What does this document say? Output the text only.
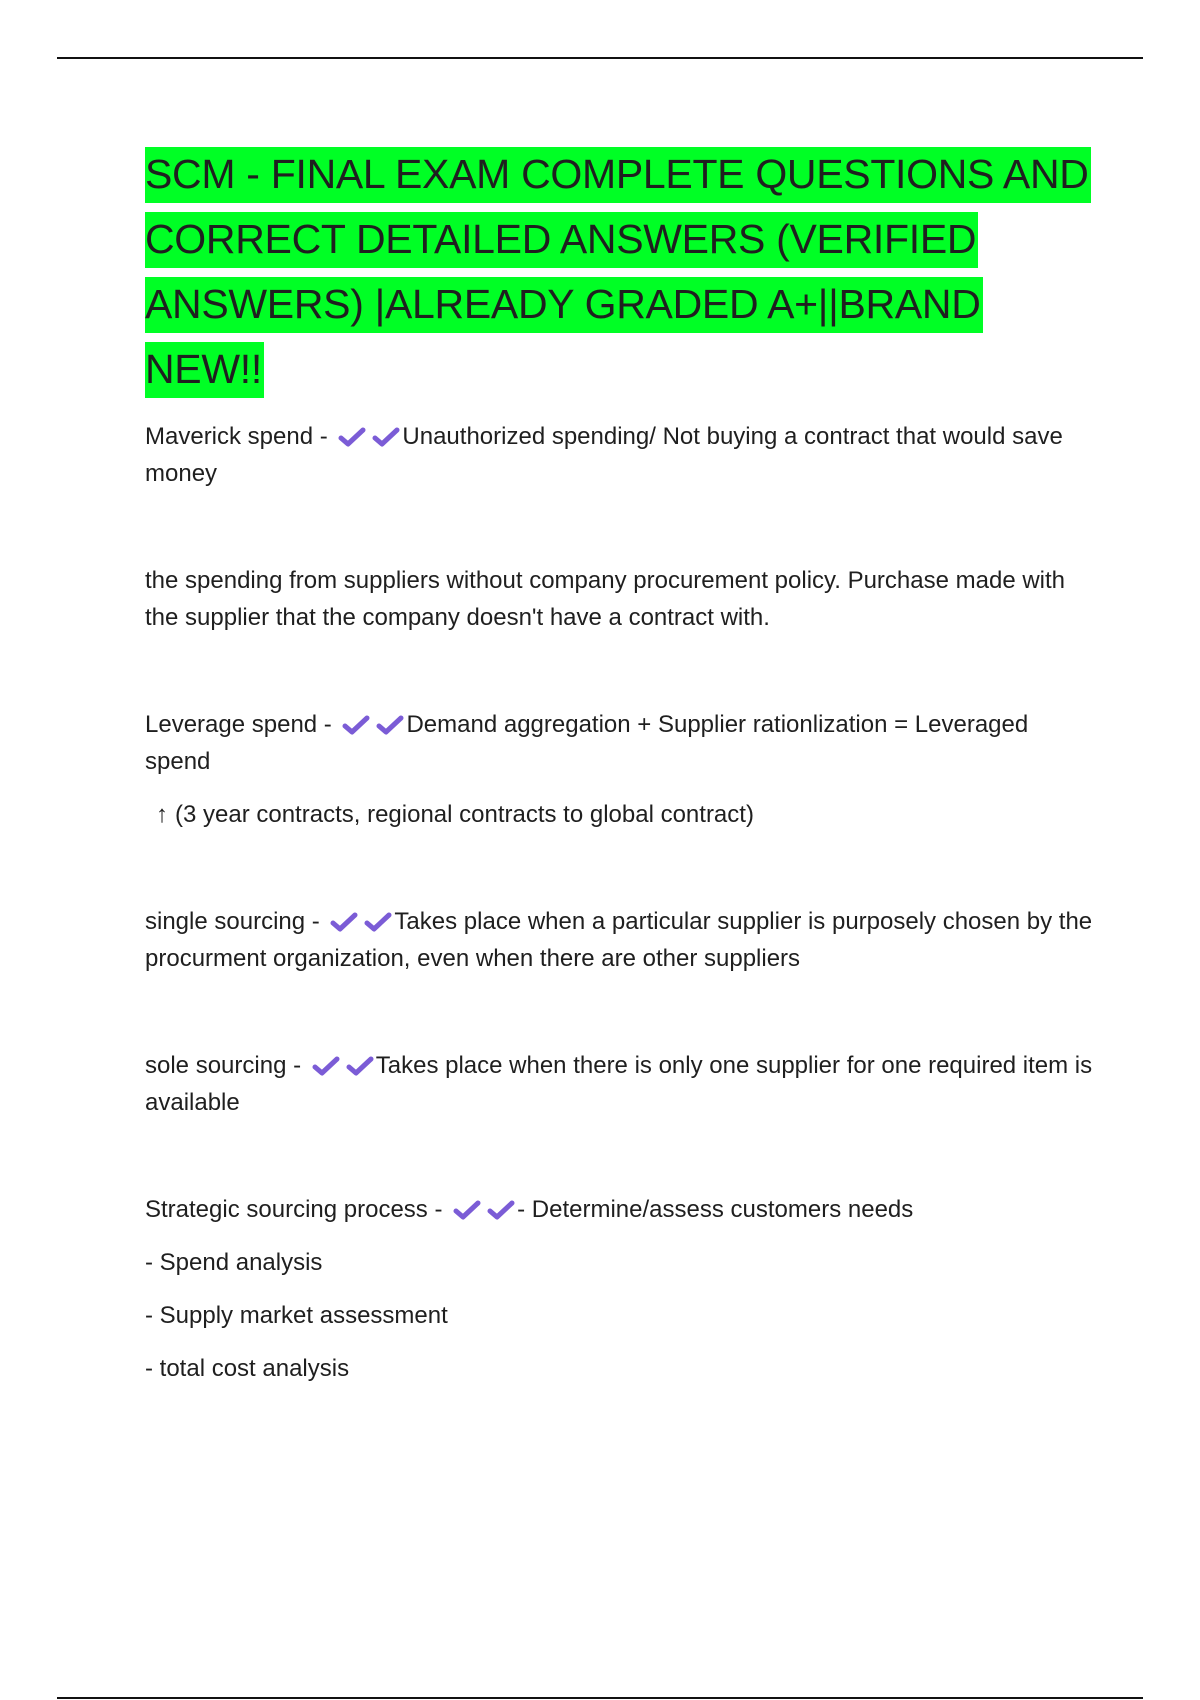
SCM - FINAL EXAM COMPLETE QUESTIONS AND CORRECT DETAILED ANSWERS (VERIFIED ANSWERS) |ALREADY GRADED A+||BRAND NEW!!

Maverick spend -	Unauthorized spending/ Not buying a contract that would save money

the spending from suppliers without company procurement policy. Purchase made with the supplier that the company doesn't have a contract with.

Leverage spend -	Demand aggregation + Supplier rationlization = Leveraged spend

↑ (3 year contracts, regional contracts to global contract)

single sourcing -	Takes place when a particular supplier is purposely chosen by the procurment organization, even when there are other suppliers

sole sourcing -	Takes place when there is only one supplier for one required item is available

Strategic sourcing process -	- Determine/assess customers needs

- Spend analysis

- Supply market assessment

- total cost analysis
